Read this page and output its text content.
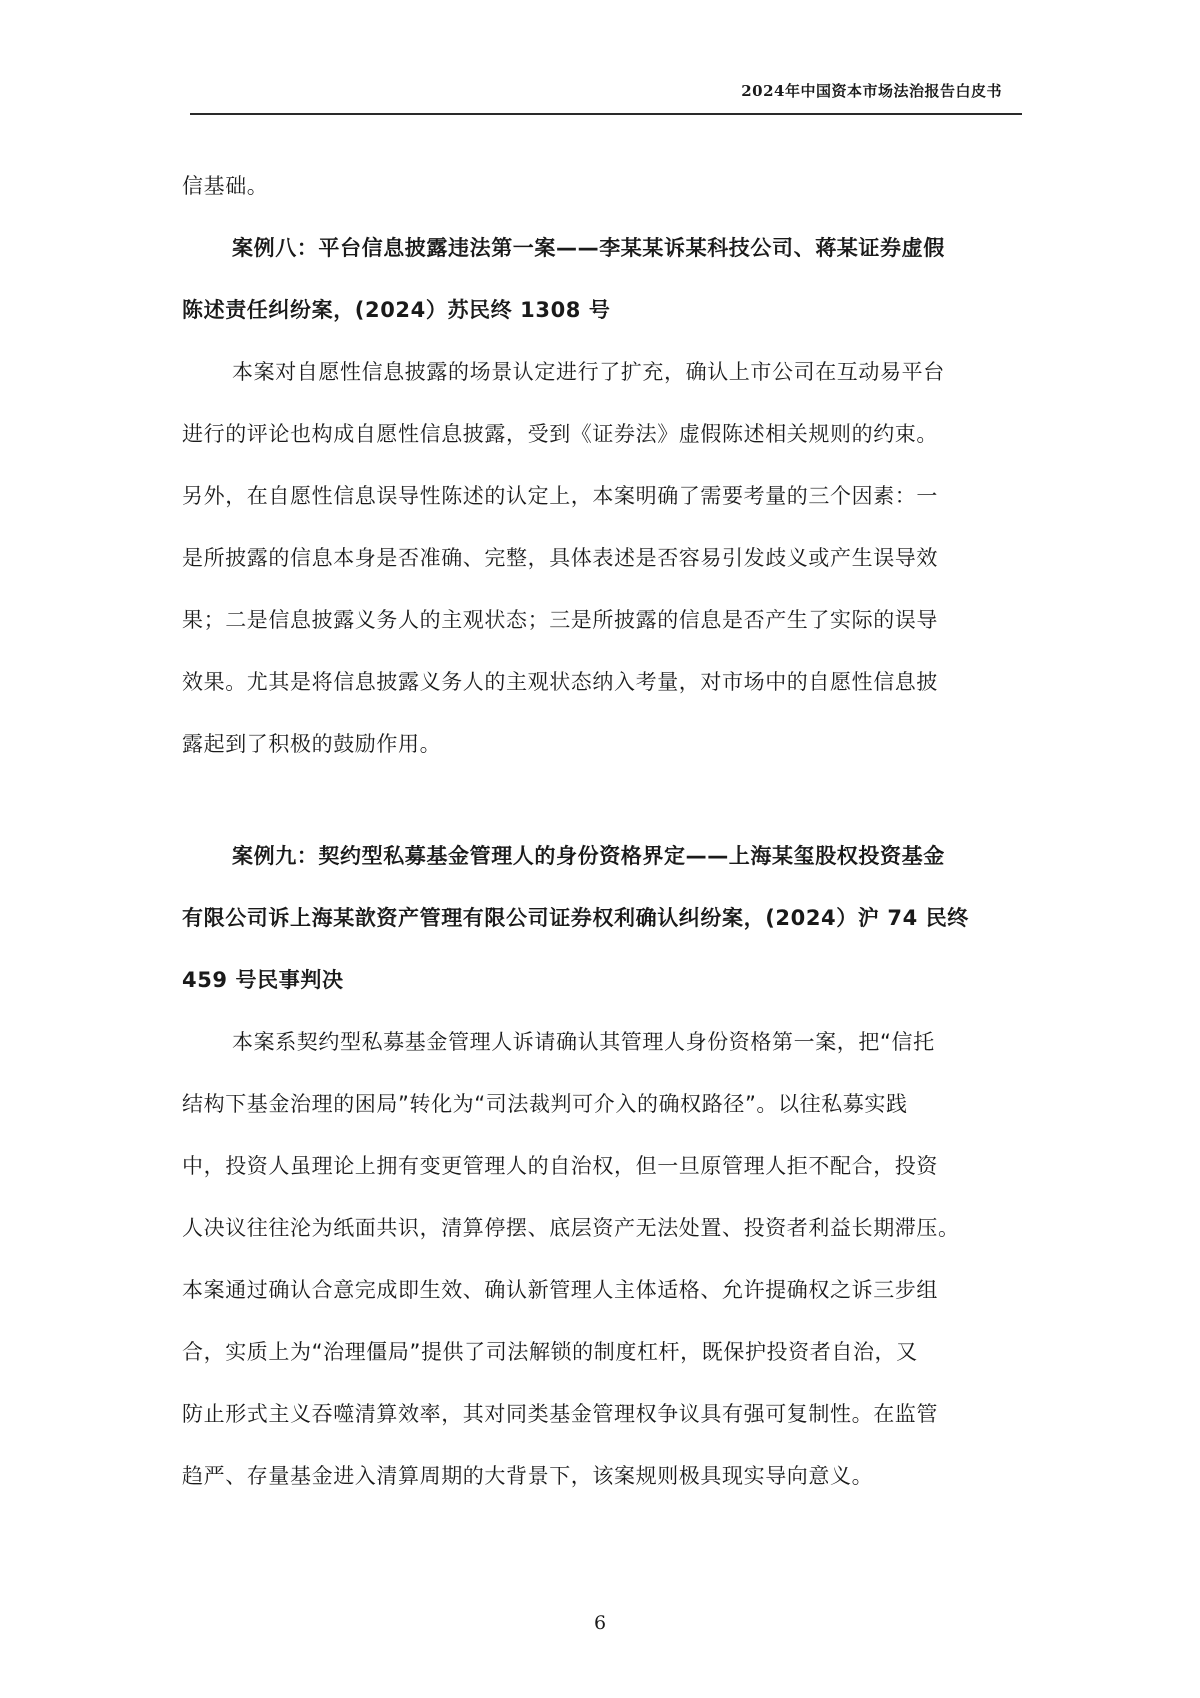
2024年中国资本市场法治报告白皮书
信基础。
案例八：平台信息披露违法第一案——李某某诉某科技公司、蒋某证券虚假
陈述责任纠纷案，(2024）苏民终 1308 号
本案对自愿性信息披露的场景认定进行了扩充，确认上市公司在互动易平台
进行的评论也构成自愿性信息披露，受到《证券法》虚假陈述相关规则的约束。
另外，在自愿性信息误导性陈述的认定上，本案明确了需要考量的三个因素：一
是所披露的信息本身是否准确、完整，具体表述是否容易引发歧义或产生误导效
果；二是信息披露义务人的主观状态；三是所披露的信息是否产生了实际的误导
效果。尤其是将信息披露义务人的主观状态纳入考量，对市场中的自愿性信息披
露起到了积极的鼓励作用。
案例九：契约型私募基金管理人的身份资格界定——上海某玺股权投资基金
有限公司诉上海某歆资产管理有限公司证券权利确认纠纷案，(2024）沪 74 民终
459 号民事判决
本案系契约型私募基金管理人诉请确认其管理人身份资格第一案，把“信托
结构下基金治理的困局”转化为“司法裁判可介入的确权路径”。以往私募实践
中，投资人虽理论上拥有变更管理人的自治权，但一旦原管理人拒不配合，投资
人决议往往沦为纸面共识，清算停摆、底层资产无法处置、投资者利益长期滞压。
本案通过确认合意完成即生效、确认新管理人主体适格、允许提确权之诉三步组
合，实质上为“治理僵局”提供了司法解锁的制度杠杆，既保护投资者自治，又
防止形式主义吞噬清算效率，其对同类基金管理权争议具有强可复制性。在监管
趋严、存量基金进入清算周期的大背景下，该案规则极具现实导向意义。
6
